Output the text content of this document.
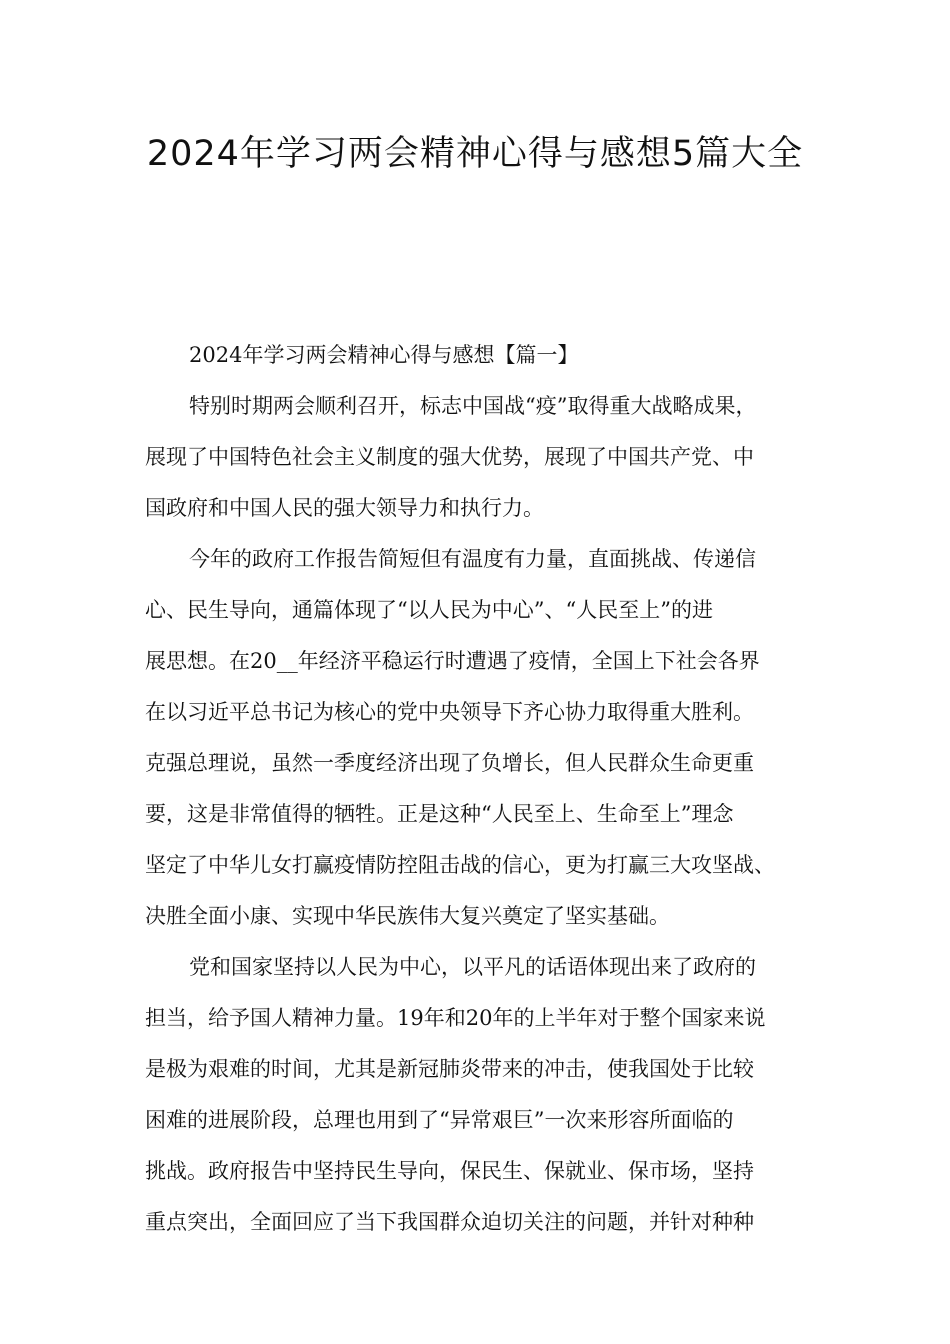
2024年学习两会精神心得与感想5篇大全
2024年学习两会精神心得与感想【篇一】

特别时期两会顺利召开，标志中国战“疫”取得重大战略成果，
展现了中国特色社会主义制度的强大优势，展现了中国共产党、中
国政府和中国人民的强大领导力和执行力。

今年的政府工作报告简短但有温度有力量，直面挑战、传递信
心、民生导向，通篇体现了“以人民为中心”、“人民至上”的进
展思想。在20__年经济平稳运行时遭遇了疫情，全国上下社会各界
在以习近平总书记为核心的党中央领导下齐心协力取得重大胜利。
克强总理说，虽然一季度经济出现了负增长，但人民群众生命更重
要，这是非常值得的牺牲。正是这种“人民至上、生命至上”理念
坚定了中华儿女打赢疫情防控阻击战的信心，更为打赢三大攻坚战、
决胜全面小康、实现中华民族伟大复兴奠定了坚实基础。

党和国家坚持以人民为中心，以平凡的话语体现出来了政府的
担当，给予国人精神力量。19年和20年的上半年对于整个国家来说
是极为艰难的时间，尤其是新冠肺炎带来的冲击，使我国处于比较
困难的进展阶段，总理也用到了“异常艰巨”一次来形容所面临的
挑战。政府报告中坚持民生导向，保民生、保就业、保市场，坚持
重点突出，全面回应了当下我国群众迫切关注的问题，并针对种种
